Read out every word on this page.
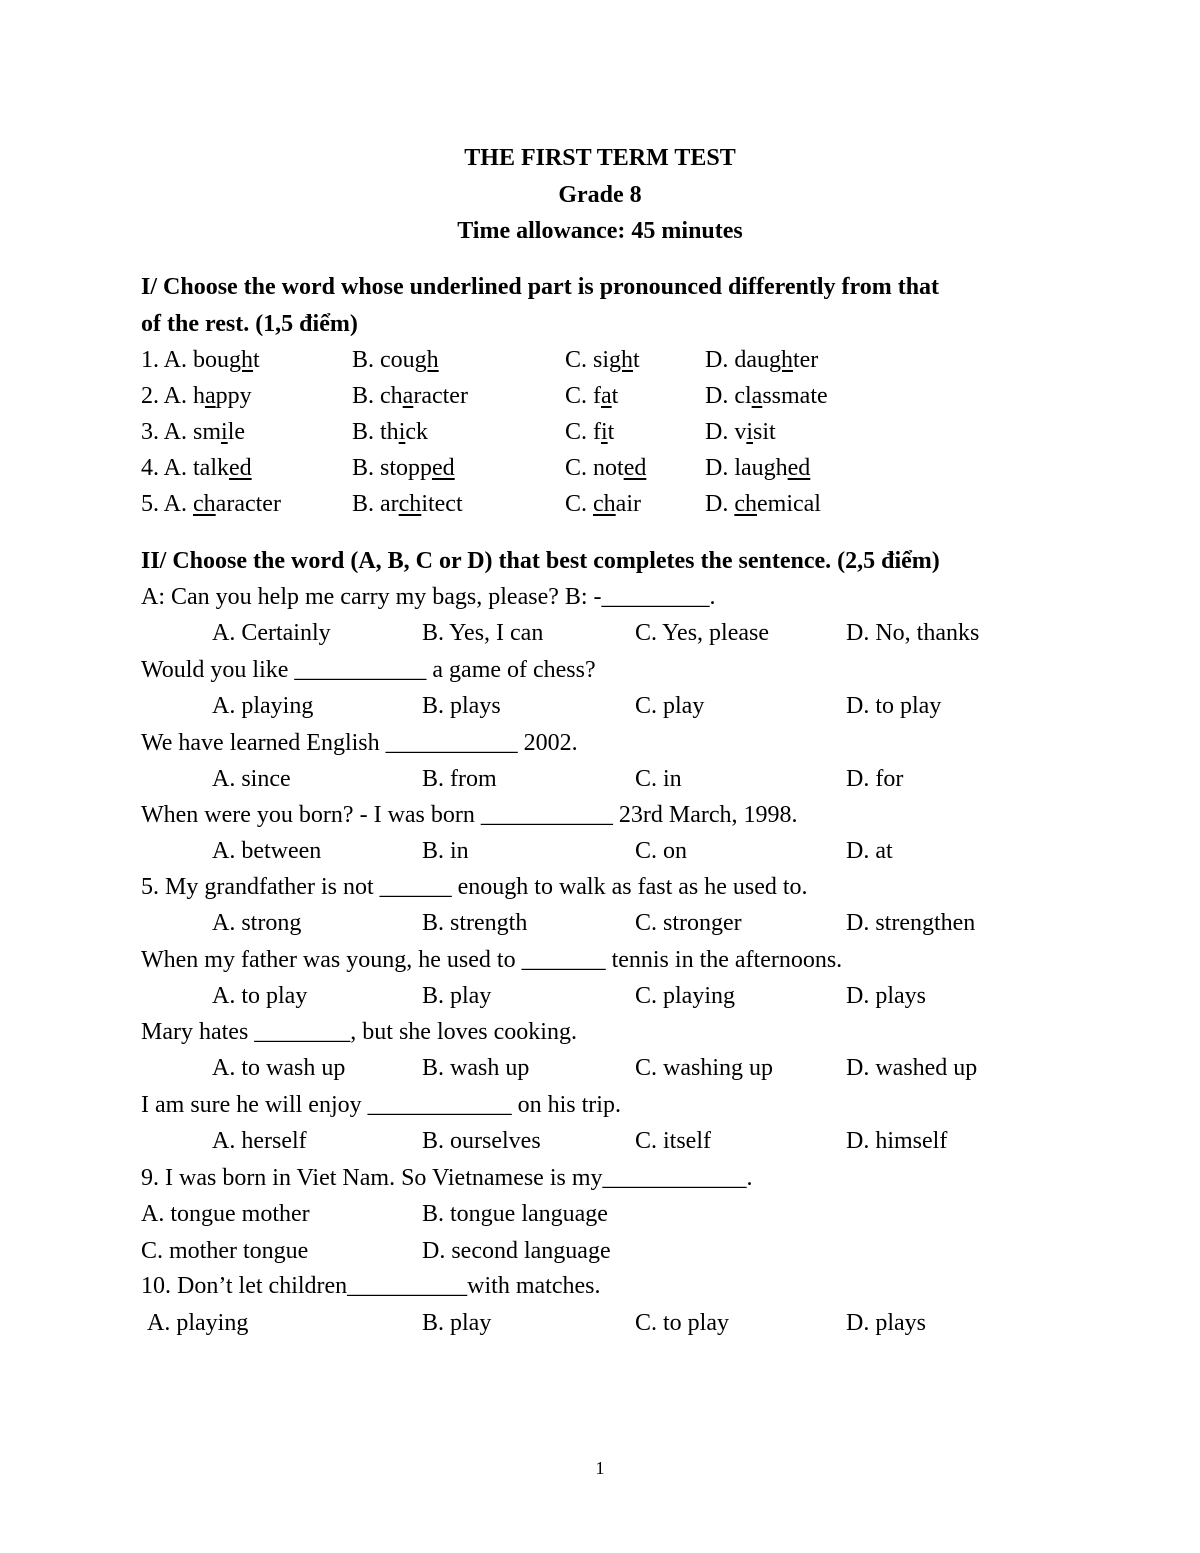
THE FIRST TERM TEST
Grade 8
Time allowance: 45 minutes
I/ Choose the word whose underlined part is pronounced differently from that
of the rest. (1,5 điểm)
1. A. bought	B. cough	C. sight	D. daughter
2. A. happy	B. character	C. fat	D. classmate
3. A. smile	B. thick	C. fit	D. visit
4. A. talked	B. stopped	C. noted D. laughed
5. A. character	B. architect	C. chair	D. chemical
II/ Choose the word (A, B, C or D) that best completes the sentence. (2,5 điểm)
A: Can you help me carry my bags, please? B: -_________.
A. Certainly	B. Yes, I can	C. Yes, please	D. No, thanks
Would you like ___________ a game of chess?
A. playing	B. plays	C. play	D. to play
We have learned English ___________ 2002.
A. since	B. from	C. in	D. for
When were you born? - I was born ___________ 23rd March, 1998.
A. between	B. in	C. on	D. at
5. My grandfather is not ______ enough to walk as fast as he used to.
A. strong	B. strength	C. stronger	D. strengthen
When my father was young, he used to _______ tennis in the afternoons.
A. to play	B. play	C. playing	D. plays
Mary hates ________, but she loves cooking.
A. to wash up	B. wash up	C. washing up	D. washed up
I am sure he will enjoy ____________ on his trip.
A. herself	B. ourselves	C. itself	D. himself
9. I was born in Viet Nam. So Vietnamese is my____________.
A. tongue mother	B. tongue language
C. mother tongue	D. second language
10. Don’t let children__________with matches.
A. playing	B. play	C. to play	D. plays
1
